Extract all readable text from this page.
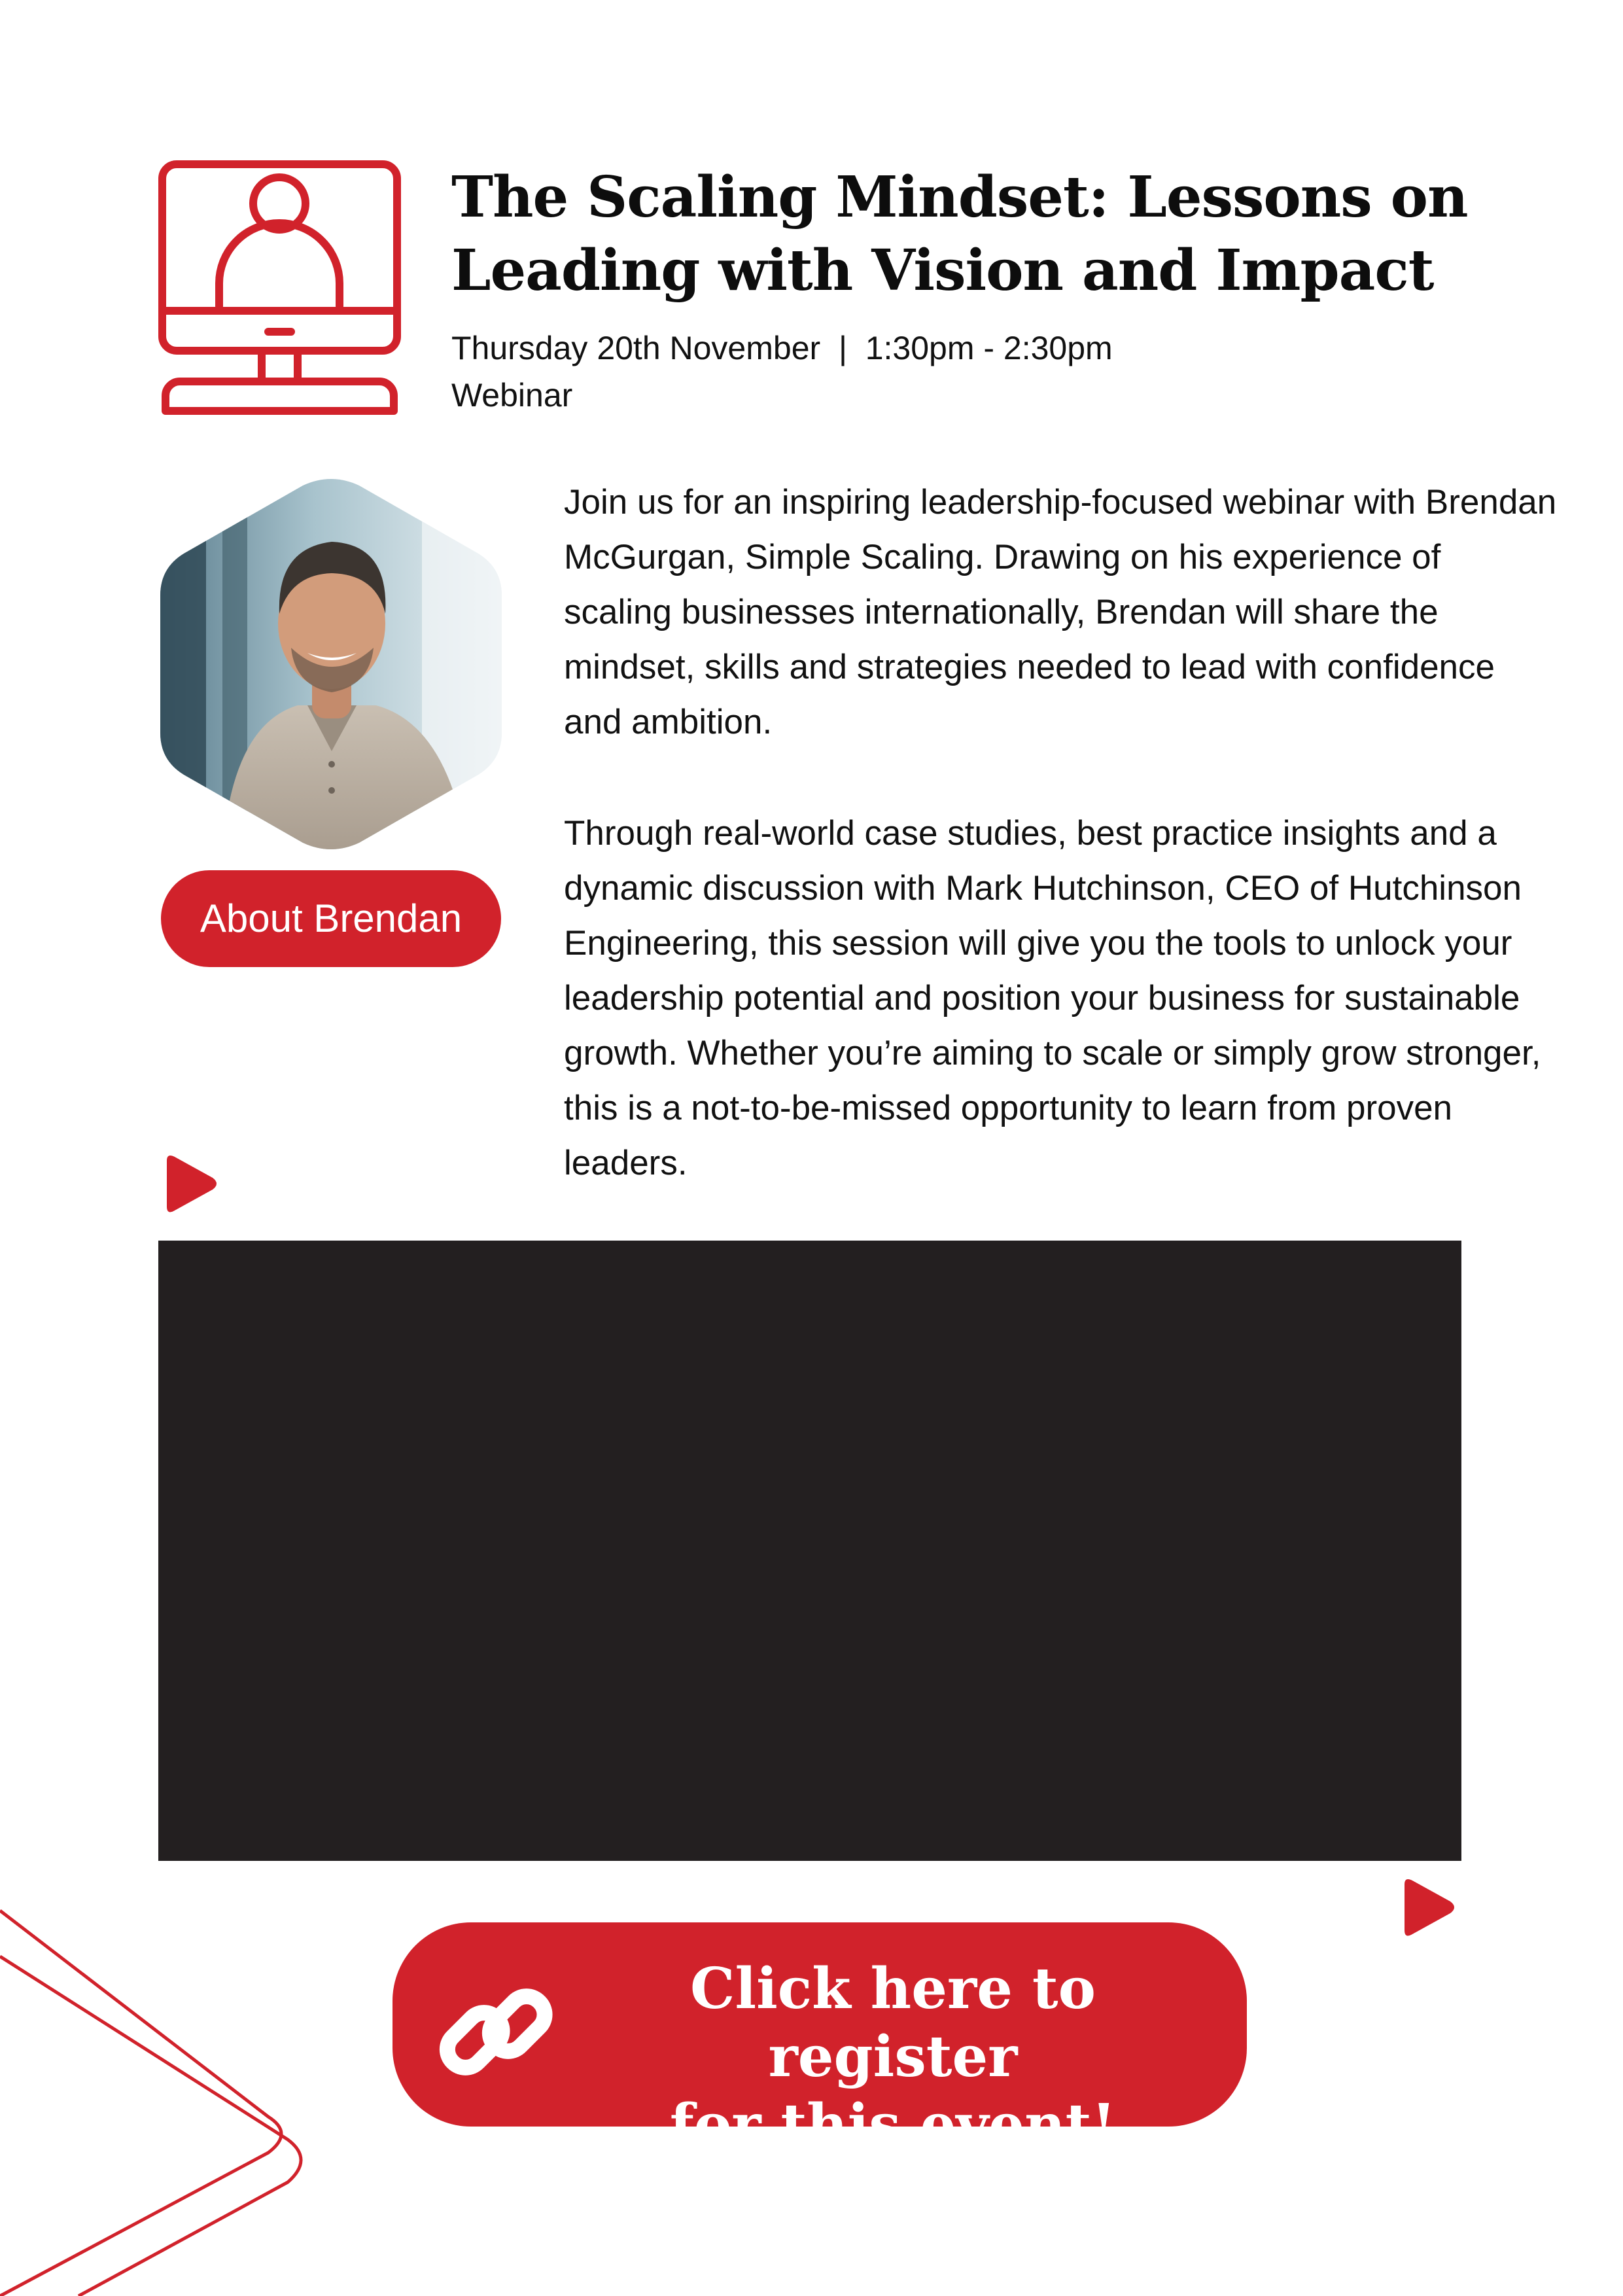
The Scaling Mindset: Lessons on
Leading with Vision and Impact
Thursday 20th November  |  1:30pm - 2:30pm
Webinar
About Brendan

Join us for an inspiring leadership-focused webinar with Brendan McGurgan, Simple Scaling. Drawing on his experience of scaling businesses internationally, Brendan will share the mindset, skills and strategies needed to lead with confidence and ambition.

Through real-world case studies, best practice insights and a dynamic discussion with Mark Hutchinson, CEO of Hutchinson Engineering, this session will give you the tools to unlock your leadership potential and position your business for sustainable growth. Whether you’re aiming to scale or simply grow stronger, this is a not-to-be-missed opportunity to learn from proven leaders.

Click here to register
for this event!
